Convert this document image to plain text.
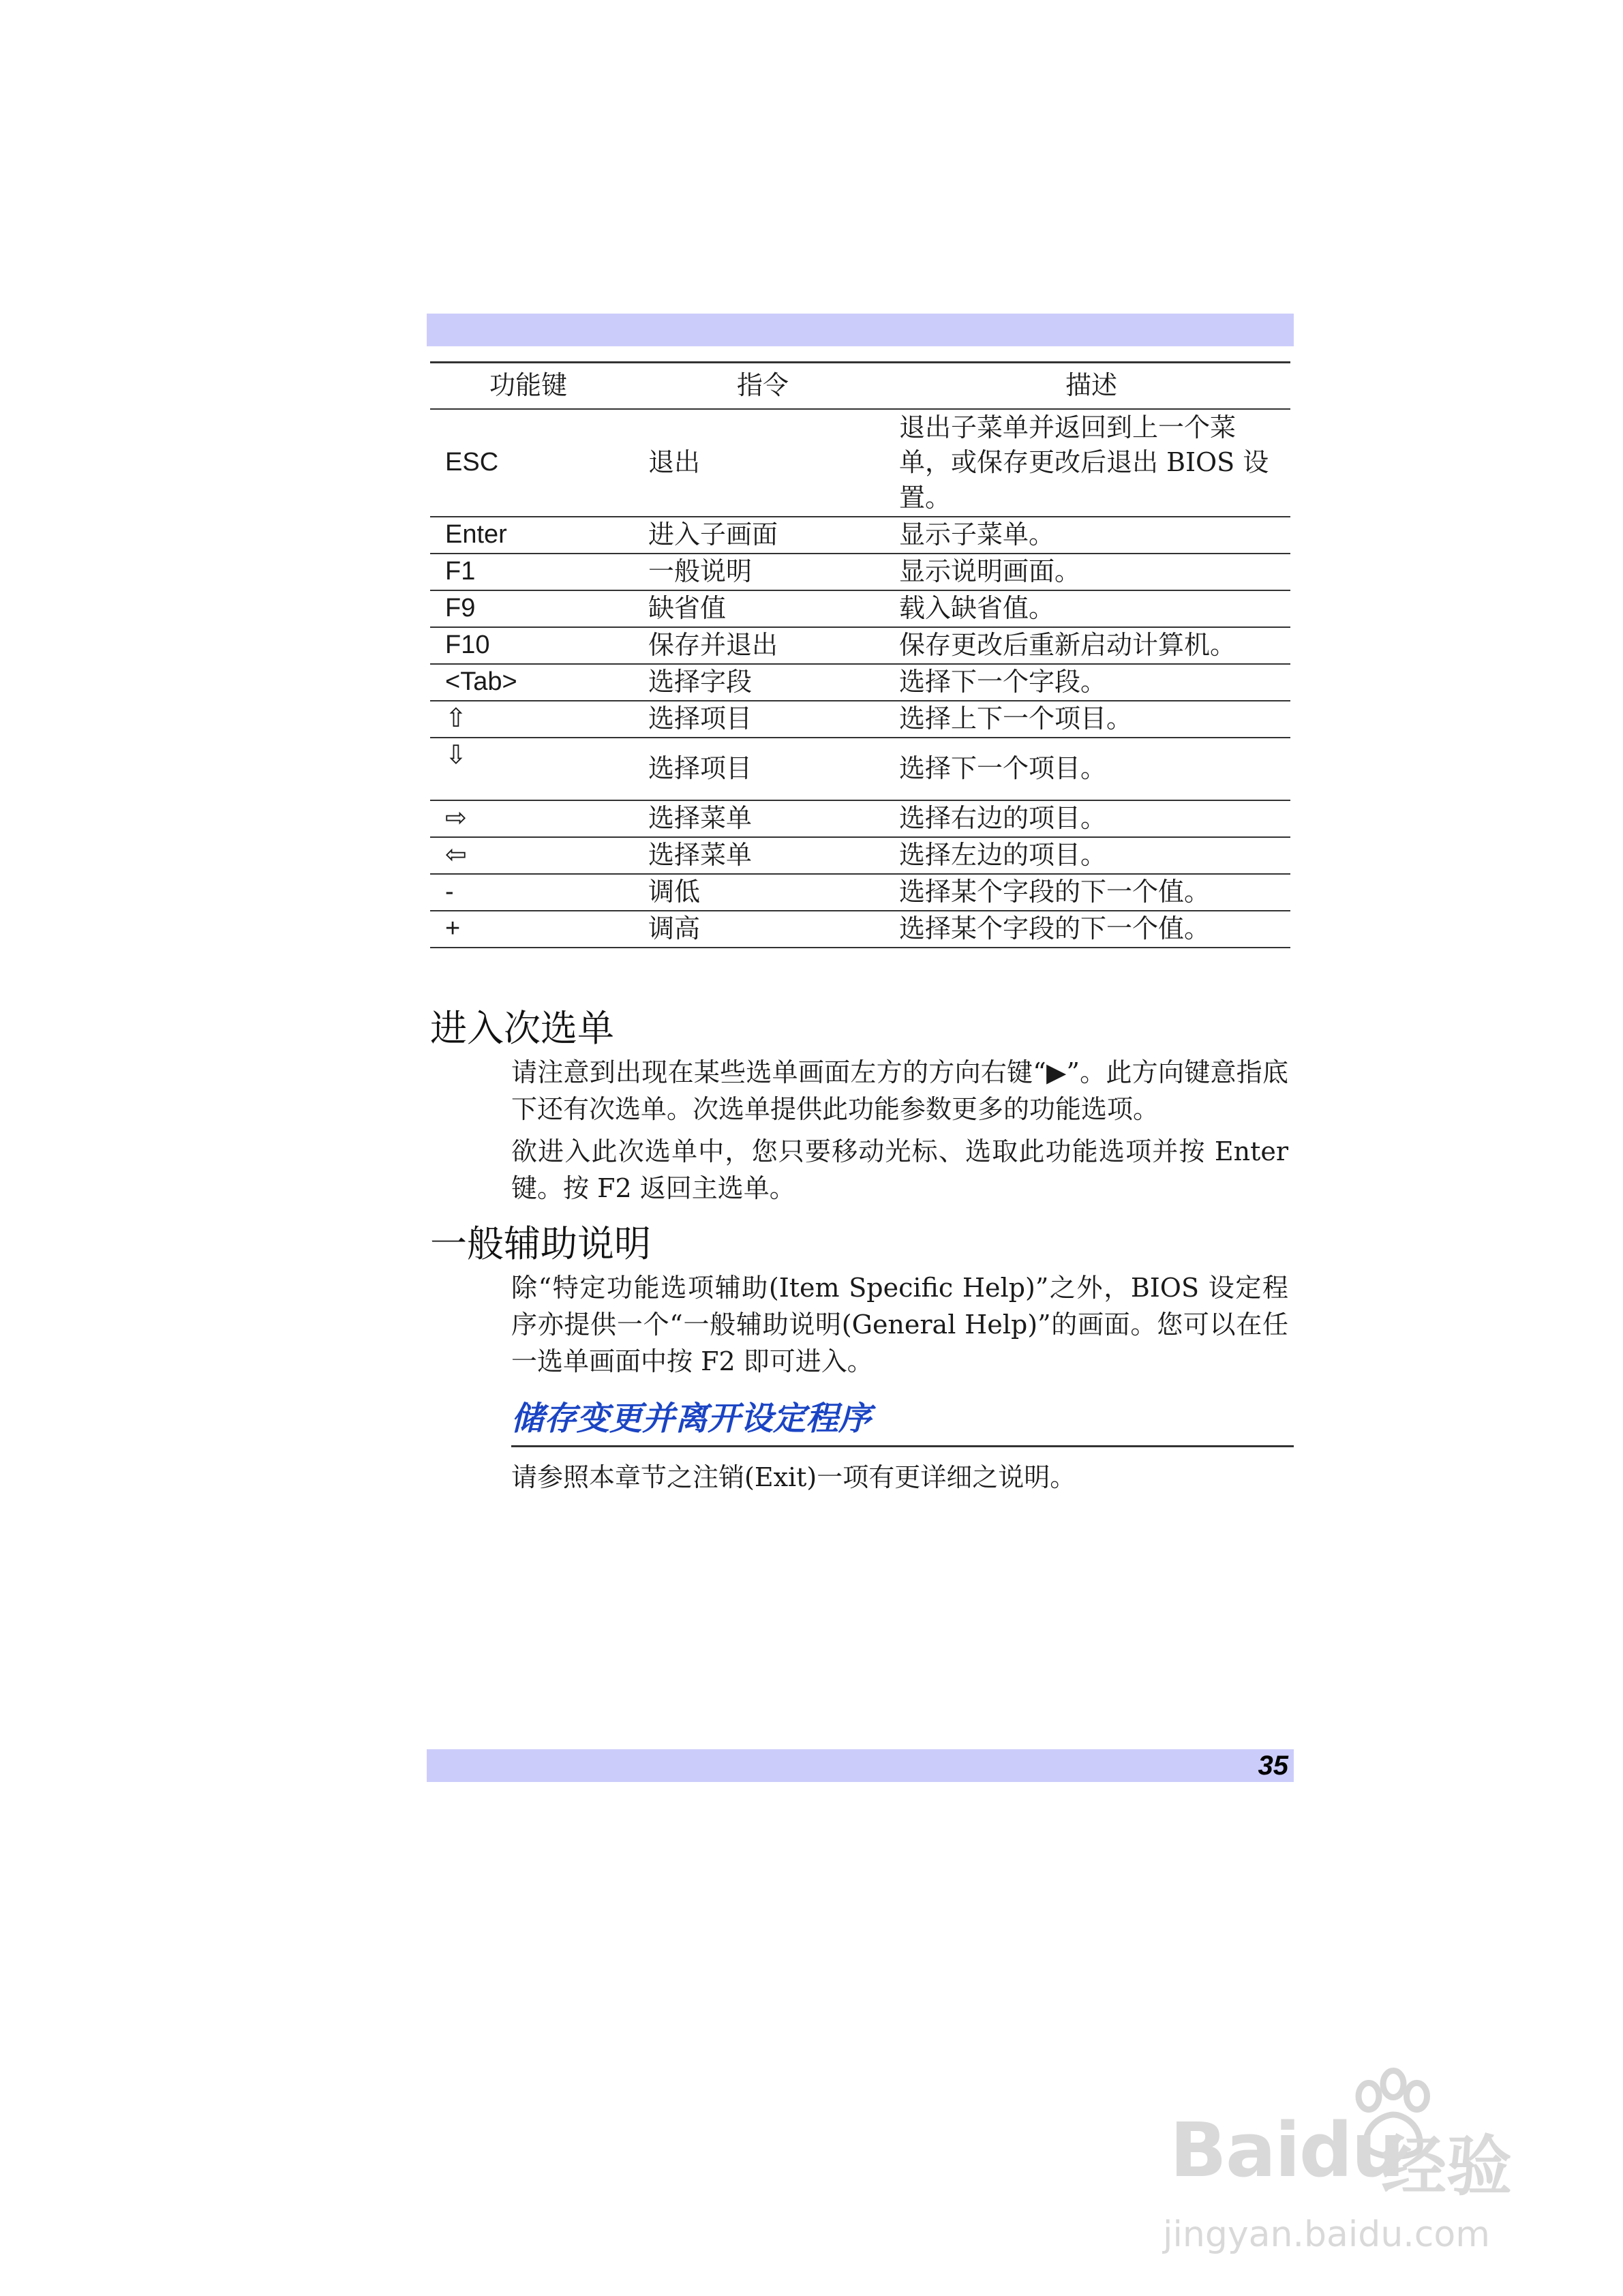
功能键	指令	描述
ESC	退出	退出子菜单并返回到上一个菜单，或保存更改后退出 BIOS 设置。
Enter	进入子画面	显示子菜单。
F1	一般说明	显示说明画面。
F9	缺省值	载入缺省值。
F10	保存并退出	保存更改后重新启动计算机。
<Tab>	选择字段	选择下一个字段。
⇧	选择项目	选择上下一个项目。
⇩	选择项目	选择下一个项目。
⇨	选择菜单	选择右边的项目。
⇦	选择菜单	选择左边的项目。
-	调低	选择某个字段的下一个值。
+	调高	选择某个字段的下一个值。
进入次选单
请注意到出现在某些选单画面左方的方向右键“▶”。此方向键意指底下还有次选单。次选单提供此功能参数更多的功能选项。
欲进入此次选单中，您只要移动光标、选取此功能选项并按 Enter 键。按 F2 返回主选单。
一般辅助说明
除“特定功能选项辅助(Item Specific Help)”之外，BIOS 设定程序亦提供一个“一般辅助说明(General Help)”的画面。您可以在任一选单画面中按 F2 即可进入。
储存变更并离开设定程序
请参照本章节之注销(Exit)一项有更详细之说明。
35
Baidu
经验
jingyan.baidu.com
